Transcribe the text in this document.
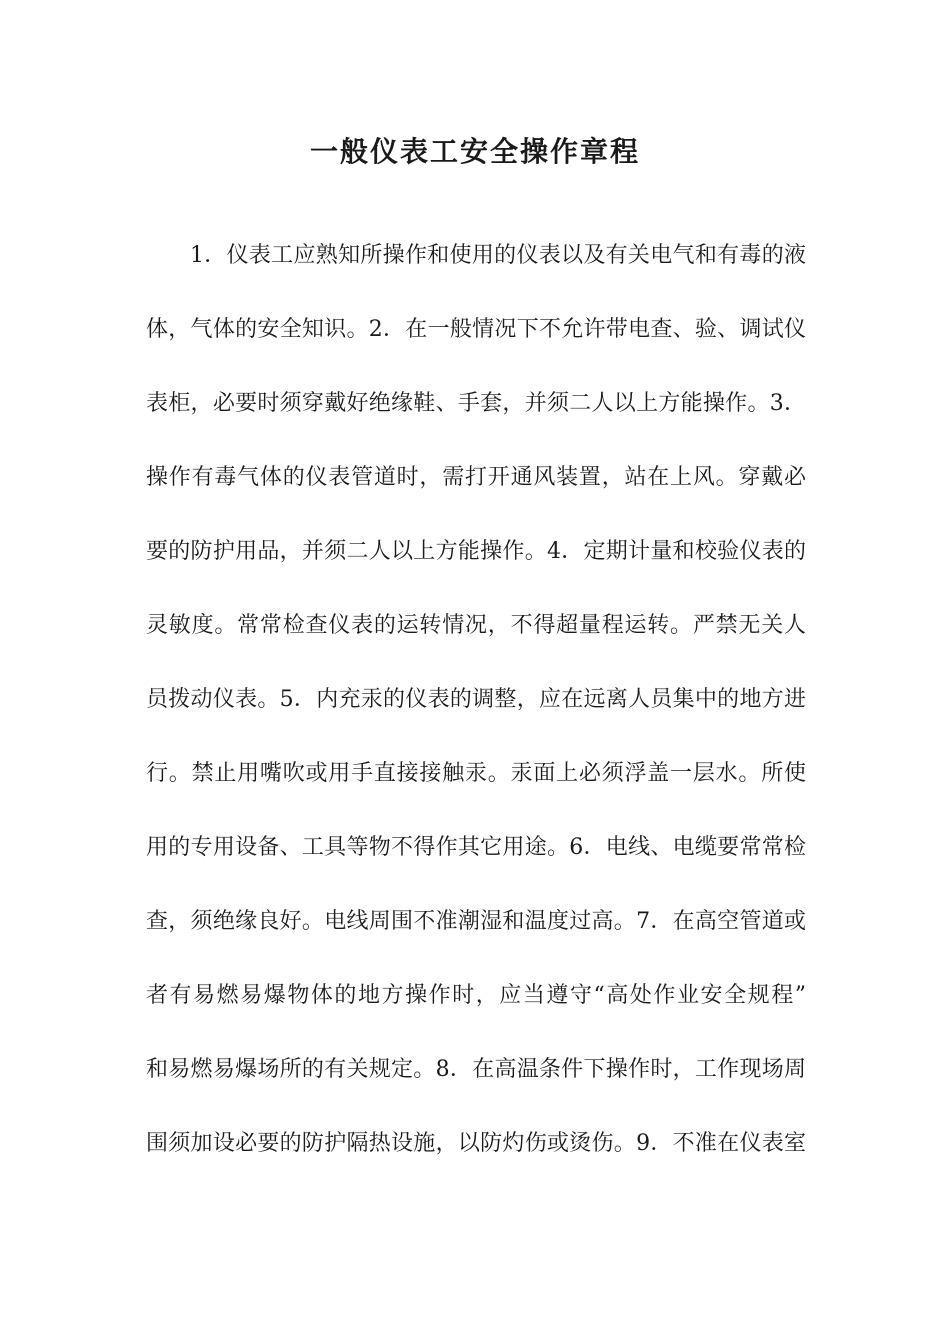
一般仪表工安全操作章程
1．仪表工应熟知所操作和使用的仪表以及有关电气和有毒的液
体，气体的安全知识。2．在一般情况下不允许带电查、验、调试仪
表柜，必要时须穿戴好绝缘鞋、手套，并须二人以上方能操作。3．
操作有毒气体的仪表管道时，需打开通风装置，站在上风。穿戴必
要的防护用品，并须二人以上方能操作。4．定期计量和校验仪表的
灵敏度。常常检查仪表的运转情况，不得超量程运转。严禁无关人
员拨动仪表。5．内充汞的仪表的调整，应在远离人员集中的地方进
行。禁止用嘴吹或用手直接接触汞。汞面上必须浮盖一层水。所使
用的专用设备、工具等物不得作其它用途。6．电线、电缆要常常检
查，须绝缘良好。电线周围不准潮湿和温度过高。7．在高空管道或
者有易燃易爆物体的地方操作时，应当遵守“高处作业安全规程”
和易燃易爆场所的有关规定。8．在高温条件下操作时，工作现场周
围须加设必要的防护隔热设施，以防灼伤或烫伤。9．不准在仪表室
